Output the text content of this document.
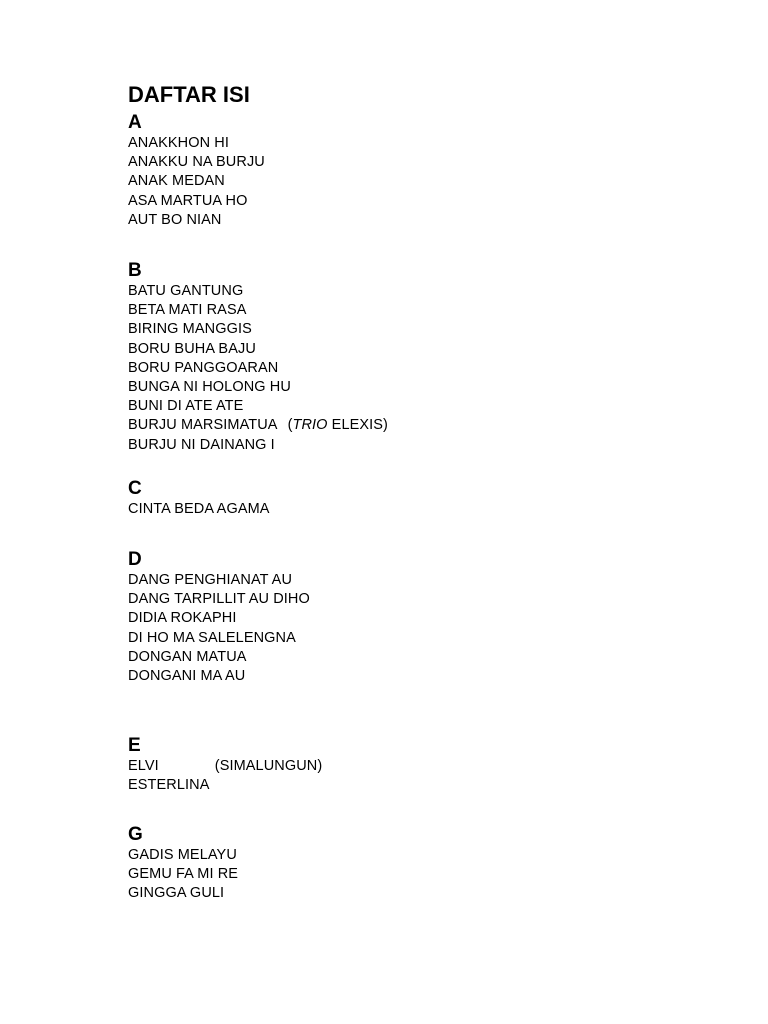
DAFTAR ISI
A
ANAKKHON HI
ANAKKU NA BURJU
ANAK MEDAN
ASA MARTUA HO
AUT BO NIAN
B
BATU GANTUNG
BETA MATI RASA
BIRING MANGGIS
BORU BUHA BAJU
BORU PANGGOARAN
BUNGA NI HOLONG HU
BUNI DI ATE ATE
BURJU MARSIMATUA (TRIO ELEXIS)
BURJU NI DAINANG I
C
CINTA BEDA AGAMA
D
DANG PENGHIANAT AU
DANG TARPILLIT AU DIHO
DIDIA ROKAPHI
DI HO MA SALELENGNA
DONGAN MATUA
DONGANI MA AU
E
ELVI	(SIMALUNGUN)
ESTERLINA
G
GADIS MELAYU
GEMU FA MI RE
GINGGA GULI
